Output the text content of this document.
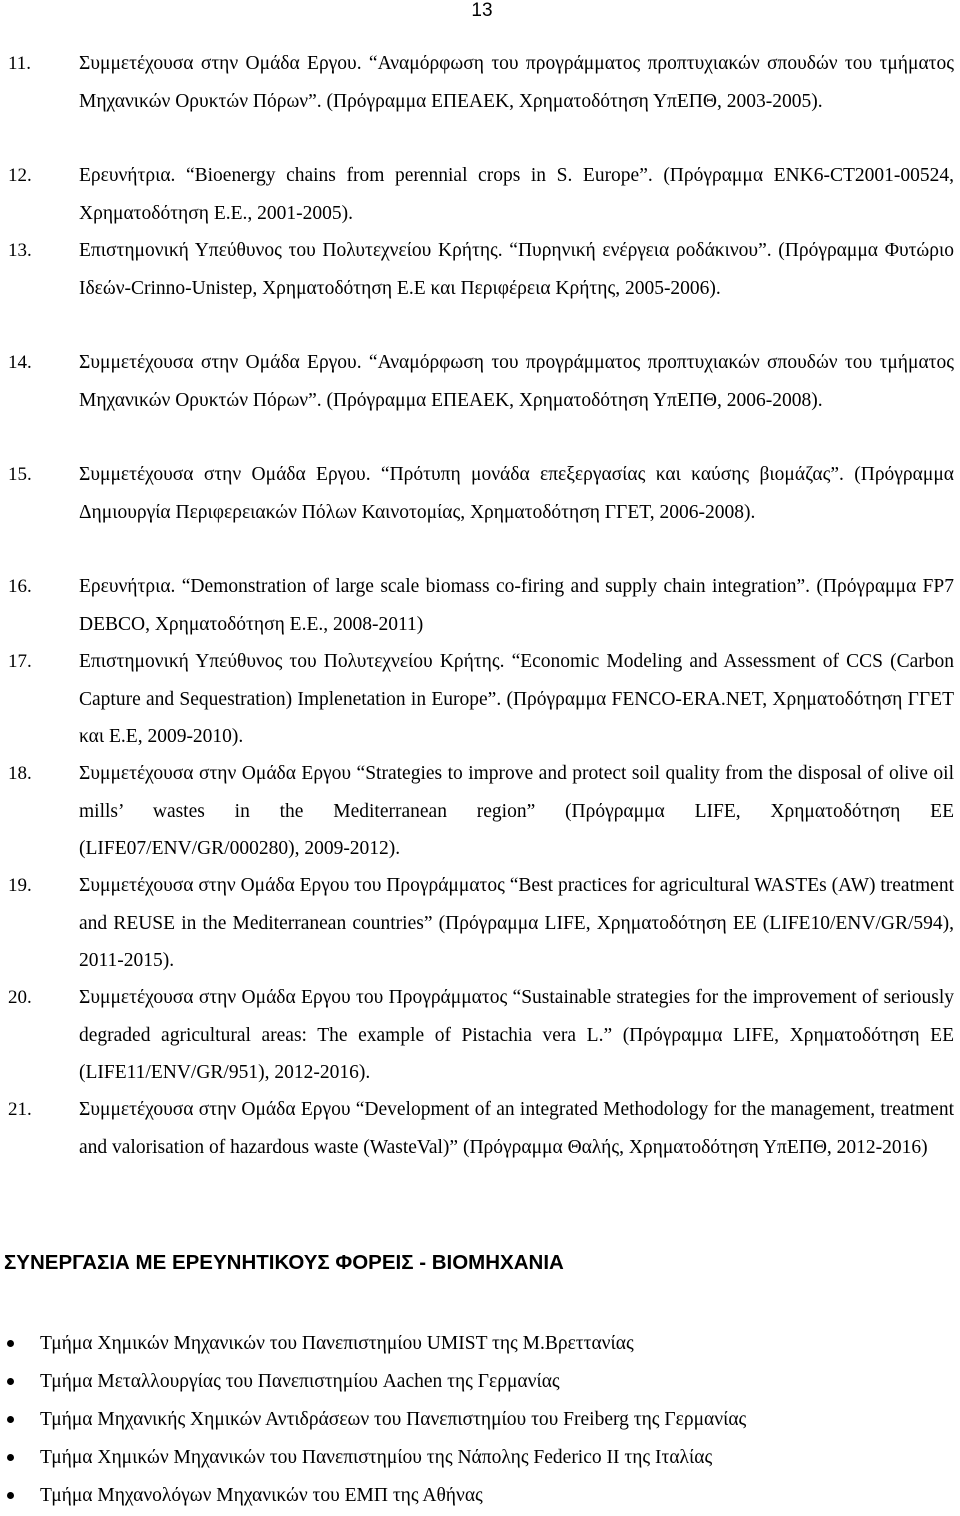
13
11. Συμμετέχουσα στην Ομάδα Εργου. “Αναμόρφωση του προγράμματος προπτυχιακών σπουδών του τμήματος Μηχανικών Ορυκτών Πόρων”. (Πρόγραμμα ΕΠΕΑΕΚ, Χρηματοδότηση ΥπΕΠΘ, 2003-2005).
12. Ερευνήτρια. “Bioenergy chains from perennial crops in S. Europe”. (Πρόγραμμα ENK6-CT2001-00524, Χρηματοδότηση Ε.Ε., 2001-2005).
13. Επιστημονική Υπεύθυνος του Πολυτεχνείου Κρήτης. “Πυρηνική ενέργεια ροδάκινου”. (Πρόγραμμα Φυτώριο Ιδεών-Crinno-Unistep, Χρηματοδότηση Ε.Ε και Περιφέρεια Κρήτης, 2005-2006).
14. Συμμετέχουσα στην Ομάδα Εργου. “Αναμόρφωση του προγράμματος προπτυχιακών σπουδών του τμήματος Μηχανικών Ορυκτών Πόρων”. (Πρόγραμμα ΕΠΕΑΕΚ, Χρηματοδότηση ΥπΕΠΘ, 2006-2008).
15. Συμμετέχουσα στην Ομάδα Εργου. “Πρότυπη μονάδα επεξεργασίας και καύσης βιομάζας”. (Πρόγραμμα Δημιουργία Περιφερειακών Πόλων Καινοτομίας, Χρηματοδότηση ΓΓΕΤ, 2006-2008).
16. Ερευνήτρια. “Demonstration of large scale biomass co-firing and supply chain integration”. (Πρόγραμμα FP7 DEBCO, Χρηματοδότηση Ε.Ε., 2008-2011)
17. Επιστημονική Υπεύθυνος του Πολυτεχνείου Κρήτης. “Economic Modeling and Assessment of CCS (Carbon Capture and Sequestration) Implenetation in Europe”. (Πρόγραμμα FENCO-ERA.NET, Χρηματοδότηση ΓΓΕΤ και Ε.Ε, 2009-2010).
18. Συμμετέχουσα στην Ομάδα Εργου “Strategies to improve and protect soil quality from the disposal of olive oil mills’ wastes in the Mediterranean region” (Πρόγραμμα LIFE, Χρηματοδότηση ΕΕ (LIFE07/ENV/GR/000280), 2009-2012).
19. Συμμετέχουσα στην Ομάδα Εργου του Προγράμματος “Best practices for agricultural WASTEs (AW) treatment and REUSE in the Mediterranean countries” (Πρόγραμμα LIFE, Χρηματοδότηση ΕΕ (LIFE10/ENV/GR/594), 2011-2015).
20. Συμμετέχουσα στην Ομάδα Εργου του Προγράμματος “Sustainable strategies for the improvement of seriously degraded agricultural areas: The example of Pistachia vera L.” (Πρόγραμμα LIFE, Χρηματοδότηση ΕΕ (LIFE11/ENV/GR/951), 2012-2016).
21. Συμμετέχουσα στην Ομάδα Εργου “Development of an integrated Methodology for the management, treatment and valorisation of hazardous waste (WasteVal)” (Πρόγραμμα Θαλής, Χρηματοδότηση ΥπΕΠΘ, 2012-2016)
ΣΥΝΕΡΓΑΣΙΑ ΜΕ ΕΡΕΥΝΗΤΙΚΟΥΣ ΦΟΡΕΙΣ - ΒΙΟΜΗΧΑΝΙΑ
Τμήμα Χημικών Μηχανικών του Πανεπιστημίου UMIST της Μ.Βρεττανίας
Τμήμα Μεταλλουργίας του Πανεπιστημίου Aachen της Γερμανίας
Τμήμα Μηχανικής Χημικών Αντιδράσεων του Πανεπιστημίου του Freiberg της Γερμανίας
Τμήμα Χημικών Μηχανικών του Πανεπιστημίου της Νάπολης Federico II της Ιταλίας
Τμήμα Μηχανολόγων Μηχανικών του ΕΜΠ της Αθήνας
